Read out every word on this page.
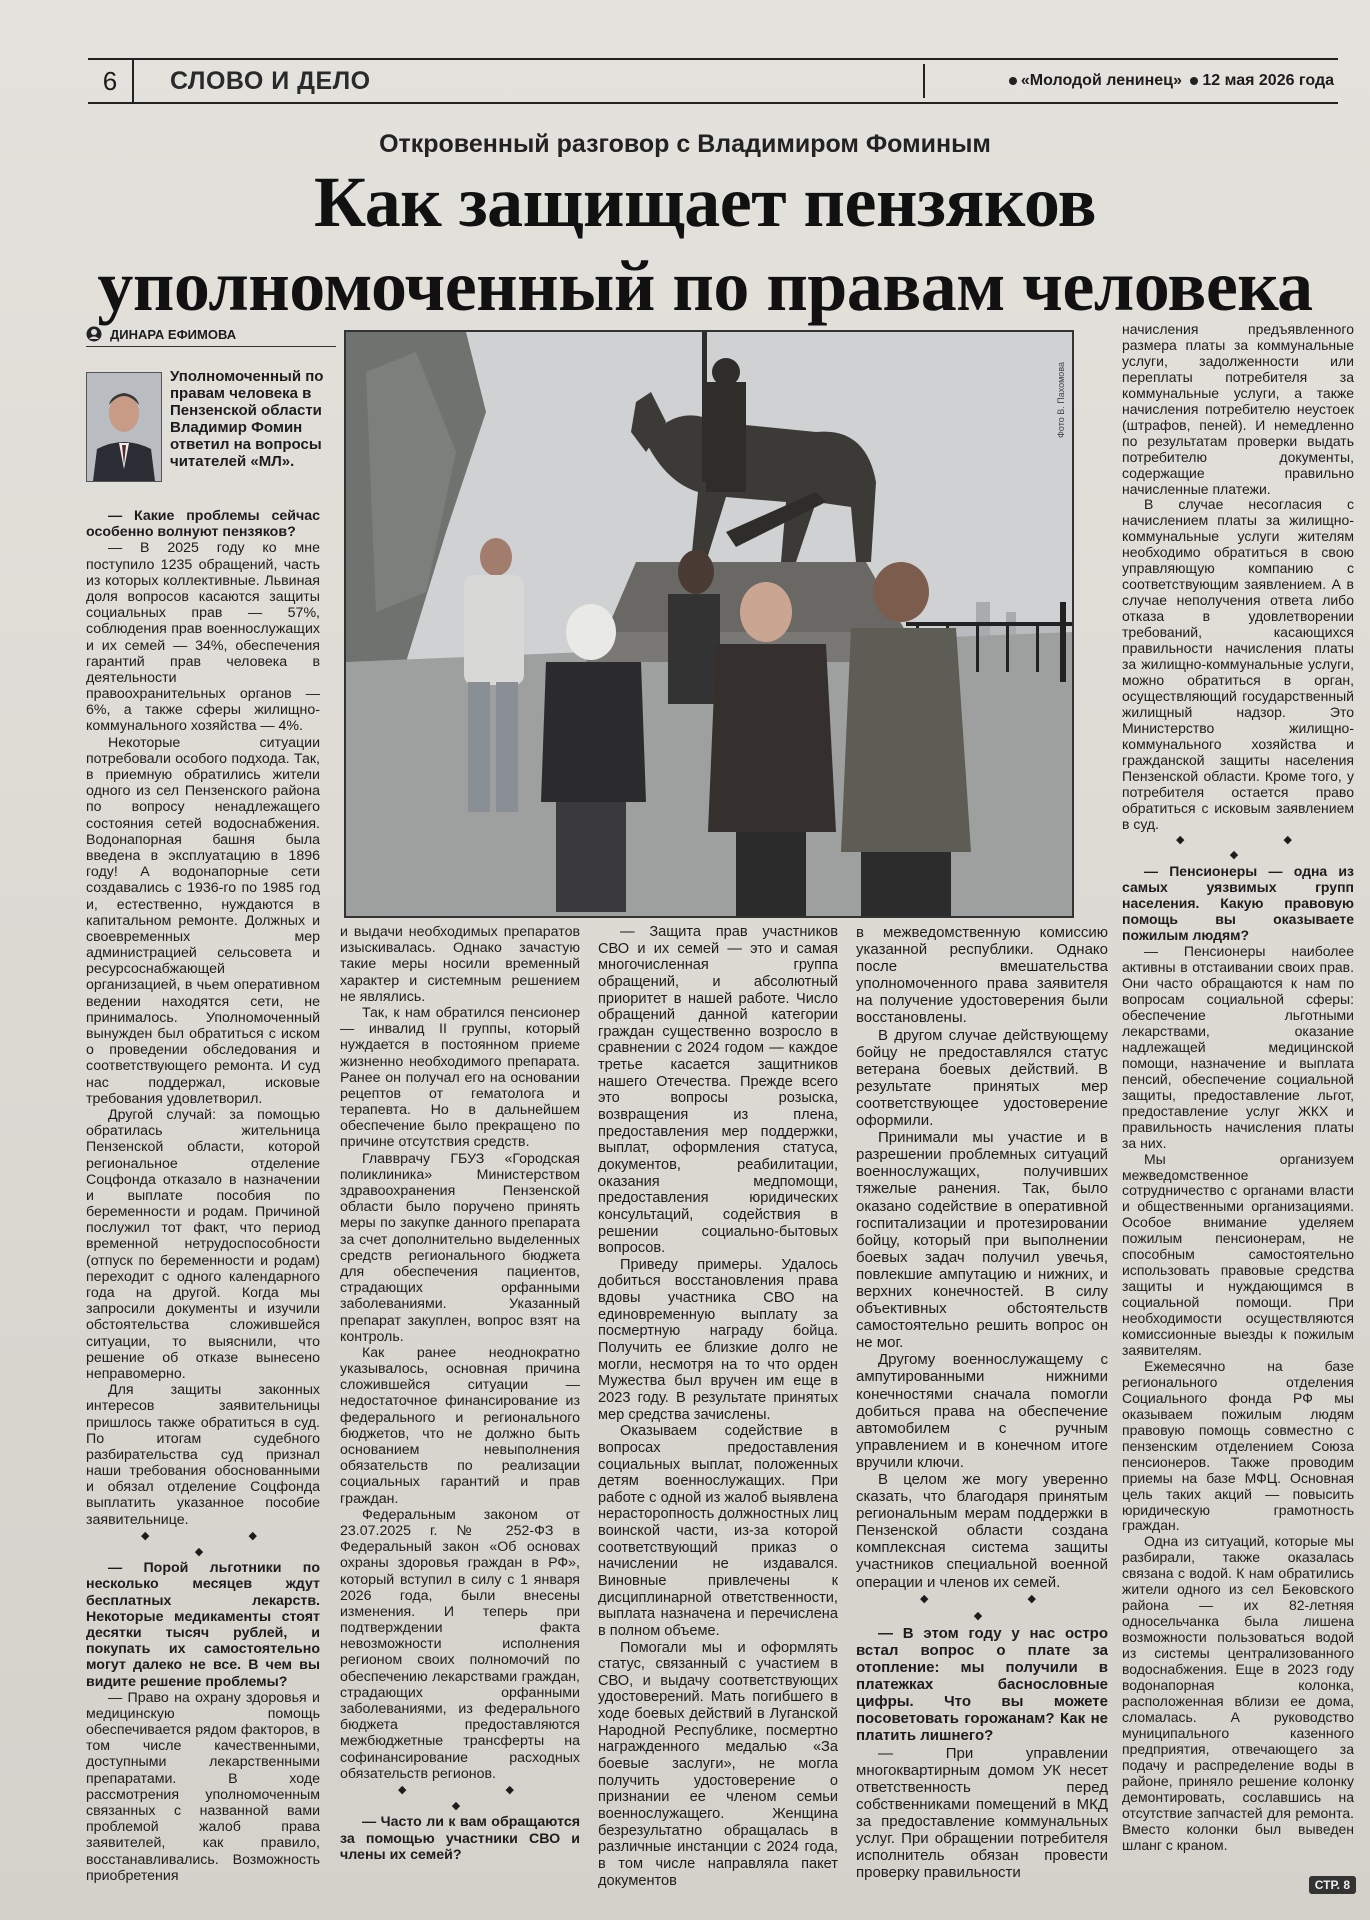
6	СЛОВО И ДЕЛО	«Молодой ленинец» 12 мая 2026 года
Откровенный разговор с Владимиром Фоминым
Как защищает пензяков
уполномоченный по правам человека
ДИНАРА ЕФИМОВА
Уполномоченный по правам человека в Пензенской области Владимир Фомин ответил на вопросы читателей «МЛ».
Фото В. Пахомова

— Какие проблемы сейчас особенно волнуют пензяков?

— В 2025 году ко мне поступило 1235 обращений, часть из которых коллективные. Львиная доля вопросов касаются защиты социальных прав — 57%, соблюдения прав военнослужащих и их семей — 34%, обеспечения гарантий прав человека в деятельности правоохранительных органов — 6%, а также сферы жилищно-коммунального хозяйства — 4%.

Некоторые ситуации потребовали особого подхода. Так, в приемную обратились жители одного из сел Пензенского района по вопросу ненадлежащего состояния сетей водоснабжения. Водонапорная башня была введена в эксплуатацию в 1896 году! А водонапорные сети создавались с 1936-го по 1985 год и, естественно, нуждаются в капитальном ремонте. Должных и своевременных мер администрацией сельсовета и ресурсоснабжающей организацией, в чьем оперативном ведении находятся сети, не принималось. Уполномоченный вынужден был обратиться с иском о проведении обследования и соответствующего ремонта. И суд нас поддержал, исковые требования удовлетворил.

Другой случай: за помощью обратилась жительница Пензенской области, которой региональное отделение Соцфонда отказало в назначении и выплате пособия по беременности и родам. Причиной послужил тот факт, что период временной нетрудоспособности (отпуск по беременности и родам) переходит с одного календарного года на другой. Когда мы запросили документы и изучили обстоятельства сложившейся ситуации, то выяснили, что решение об отказе вынесено неправомерно.

Для защиты законных интересов заявительницы пришлось также обратиться в суд. По итогам судебного разбирательства суд признал наши требования обоснованными и обязал отделение Соцфонда выплатить указанное пособие заявительнице.

◆ ◆ ◆

— Порой льготники по несколько месяцев ждут бесплатных лекарств. Некоторые медикаменты стоят десятки тысяч рублей, и покупать их самостоятельно могут далеко не все. В чем вы видите решение проблемы?

— Право на охрану здоровья и медицинскую помощь обеспечивается рядом факторов, в том числе качественными, доступными лекарственными препаратами. В ходе рассмотрения уполномоченным связанных с названной вами проблемой жалоб права заявителей, как правило, восстанавливались. Возможность приобретения

и выдачи необходимых препаратов изыскивалась. Однако зачастую такие меры носили временный характер и системным решением не являлись.

Так, к нам обратился пенсионер — инвалид II группы, который нуждается в постоянном приеме жизненно необходимого препарата. Ранее он получал его на основании рецептов от гематолога и терапевта. Но в дальнейшем обеспечение было прекращено по причине отсутствия средств.

Главврачу ГБУЗ «Городская поликлиника» Министерством здравоохранения Пензенской области было поручено принять меры по закупке данного препарата за счет дополнительно выделенных средств регионального бюджета для обеспечения пациентов, страдающих орфанными заболеваниями. Указанный препарат закуплен, вопрос взят на контроль.

Как ранее неоднократно указывалось, основная причина сложившейся ситуации — недостаточное финансирование из федерального и регионального бюджетов, что не должно быть основанием невыполнения обязательств по реализации социальных гарантий и прав граждан.

Федеральным законом от 23.07.2025 г. № 252-ФЗ в Федеральный закон «Об основах охраны здоровья граждан в РФ», который вступил в силу с 1 января 2026 года, были внесены изменения. И теперь при подтверждении факта невозможности исполнения регионом своих полномочий по обеспечению лекарствами граждан, страдающих орфанными заболеваниями, из федерального бюджета предоставляются межбюджетные трансферты на софинансирование расходных обязательств регионов.

◆ ◆ ◆

— Часто ли к вам обращаются за помощью участники СВО и члены их семей?

— Защита прав участников СВО и их семей — это и самая многочисленная группа обращений, и абсолютный приоритет в нашей работе. Число обращений данной категории граждан существенно возросло в сравнении с 2024 годом — каждое третье касается защитников нашего Отечества. Прежде всего это вопросы розыска, возвращения из плена, предоставления мер поддержки, выплат, оформления статуса, документов, реабилитации, оказания медпомощи, предоставления юридических консультаций, содействия в решении социально-бытовых вопросов.

Приведу примеры. Удалось добиться восстановления права вдовы участника СВО на единовременную выплату за посмертную награду бойца. Получить ее близкие долго не могли, несмотря на то что орден Мужества был вручен им еще в 2023 году. В результате принятых мер средства зачислены.

Оказываем содействие в вопросах предоставления социальных выплат, положенных детям военнослужащих. При работе с одной из жалоб выявлена нерасторопность должностных лиц воинской части, из-за которой соответствующий приказ о начислении не издавался. Виновные привлечены к дисциплинарной ответственности, выплата назначена и перечислена в полном объеме.

Помогали мы и оформлять статус, связанный с участием в СВО, и выдачу соответствующих удостоверений. Мать погибшего в ходе боевых действий в Луганской Народной Республике, посмертно награжденного медалью «За боевые заслуги», не могла получить удостоверение о признании ее членом семьи военнослужащего. Женщина безрезультатно обращалась в различные инстанции с 2024 года, в том числе направляла пакет документов

в межведомственную комиссию указанной республики. Однако после вмешательства уполномоченного права заявителя на получение удостоверения были восстановлены.

В другом случае действующему бойцу не предоставлялся статус ветерана боевых действий. В результате принятых мер соответствующее удостоверение оформили.

Принимали мы участие и в разрешении проблемных ситуаций военнослужащих, получивших тяжелые ранения. Так, было оказано содействие в оперативной госпитализации и протезировании бойцу, который при выполнении боевых задач получил увечья, повлекшие ампутацию и нижних, и верхних конечностей. В силу объективных обстоятельств самостоятельно решить вопрос он не мог.

Другому военнослужащему с ампутированными нижними конечностями сначала помогли добиться права на обеспечение автомобилем с ручным управлением и в конечном итоге вручили ключи.

В целом же могу уверенно сказать, что благодаря принятым региональным мерам поддержки в Пензенской области создана комплексная система защиты участников специальной военной операции и членов их семей.

◆ ◆ ◆

— В этом году у нас остро встал вопрос о плате за отопление: мы получили в платежках баснословные цифры. Что вы можете посоветовать горожанам? Как не платить лишнего?

— При управлении многоквартирным домом УК несет ответственность перед собственниками помещений в МКД за предоставление коммунальных услуг. При обращении потребителя исполнитель обязан провести проверку правильности

начисления предъявленного размера платы за коммунальные услуги, задолженности или переплаты потребителя за коммунальные услуги, а также начисления потребителю неустоек (штрафов, пеней). И немедленно по результатам проверки выдать потребителю документы, содержащие правильно начисленные платежи.

В случае несогласия с начислением платы за жилищно-коммунальные услуги жителям необходимо обратиться в свою управляющую компанию с соответствующим заявлением. А в случае неполучения ответа либо отказа в удовлетворении требований, касающихся правильности начисления платы за жилищно-коммунальные услуги, можно обратиться в орган, осуществляющий государственный жилищный надзор. Это Министерство жилищно-коммунального хозяйства и гражданской защиты населения Пензенской области. Кроме того, у потребителя остается право обратиться с исковым заявлением в суд.

◆ ◆ ◆

— Пенсионеры — одна из самых уязвимых групп населения. Какую правовую помощь вы оказываете пожилым людям?

— Пенсионеры наиболее активны в отстаивании своих прав. Они часто обращаются к нам по вопросам социальной сферы: обеспечение льготными лекарствами, оказание надлежащей медицинской помощи, назначение и выплата пенсий, обеспечение социальной защиты, предоставление льгот, предоставление услуг ЖКХ и правильность начисления платы за них.

Мы организуем межведомственное сотрудничество с органами власти и общественными организациями. Особое внимание уделяем пожилым пенсионерам, не способным самостоятельно использовать правовые средства защиты и нуждающимся в социальной помощи. При необходимости осуществляются комиссионные выезды к пожилым заявителям.

Ежемесячно на базе регионального отделения Социального фонда РФ мы оказываем пожилым людям правовую помощь совместно с пензенским отделением Союза пенсионеров. Также проводим приемы на базе МФЦ. Основная цель таких акций — повысить юридическую грамотность граждан.

Одна из ситуаций, которые мы разбирали, также оказалась связана с водой. К нам обратились жители одного из сел Бековского района — их 82-летняя односельчанка была лишена возможности пользоваться водой из системы централизованного водоснабжения. Еще в 2023 году водонапорная колонка, расположенная вблизи ее дома, сломалась. А руководство муниципального казенного предприятия, отвечающего за подачу и распределение воды в районе, приняло решение колонку демонтировать, сославшись на отсутствие запчастей для ремонта. Вместо колонки был выведен шланг с краном.

СТР. 8
